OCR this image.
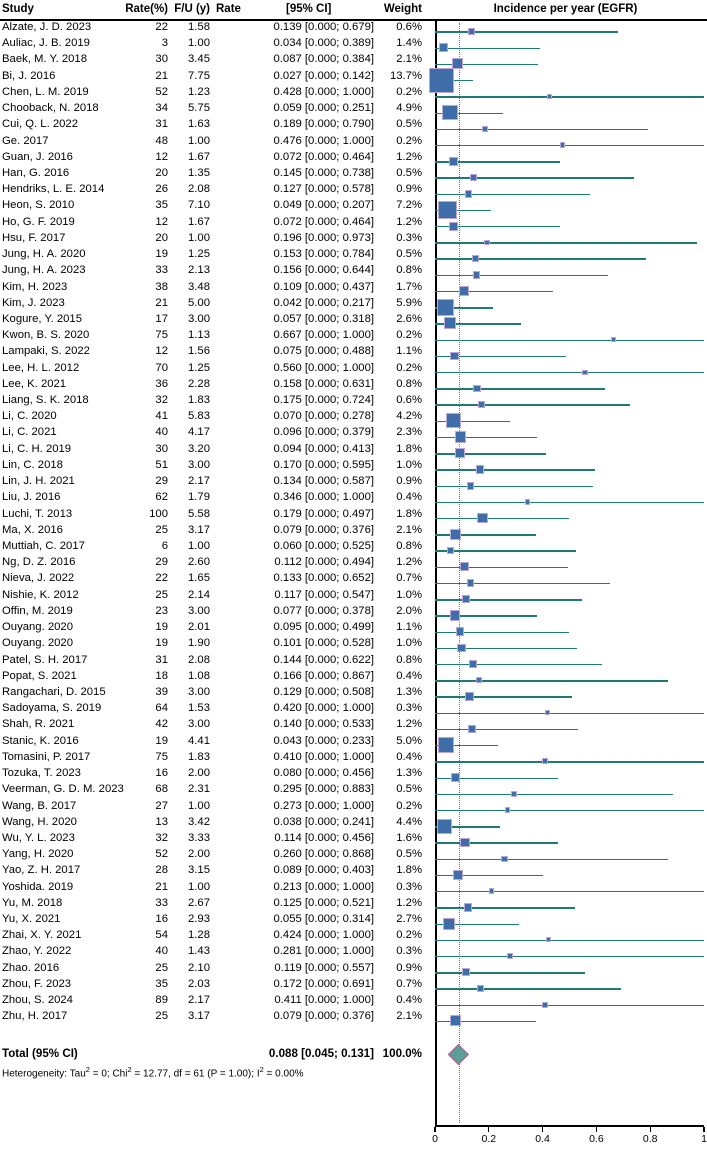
Study	Rate(%) F/U (y) Rate	[95% CI]	Weight
Alzate, J. D. 2023	22	1.58	0.139 [0.000; 0.679]	0.6%
Auliac, J. B. 2019	3	1.00	0.034 [0.000; 0.389]	1.4%
Baek, M. Y. 2018	30	3.45	0.087 [0.000; 0.384]	2.1%
Bi, J. 2016	21	7.75	0.027 [0.000; 0.142]	13.7%
Chen, L. M. 2019	52	1.23	0.428 [0.000; 1.000]	0.2%
Chooback, N. 2018	34	5.75	0.059 [0.000; 0.251]	4.9%
Cui, Q. L. 2022	31	1.63	0.189 [0.000; 0.790]	0.5%
Ge. 2017	48	1.00	0.476 [0.000; 1.000]	0.2%
Guan, J. 2016	12	1.67	0.072 [0.000; 0.464]	1.2%
Han, G. 2016	20	1.35	0.145 [0.000; 0.738]	0.5%
Hendriks, L. E. 2014	26	2.08	0.127 [0.000; 0.578]	0.9%
Heon, S. 2010	35	7.10	0.049 [0.000; 0.207]	7.2%
Ho, G. F. 2019	12	1.67	0.072 [0.000; 0.464]	1.2%
Hsu, F. 2017	20	1.00	0.196 [0.000; 0.973]	0.3%
Jung, H. A. 2020	19	1.25	0.153 [0.000; 0.784]	0.5%
Jung, H. A. 2023	33	2.13	0.156 [0.000; 0.644]	0.8%
Kim, H. 2023	38	3.48	0.109 [0.000; 0.437]	1.7%
Kim, J. 2023	21	5.00	0.042 [0.000; 0.217]	5.9%
Kogure, Y. 2015	17	3.00	0.057 [0.000; 0.318]	2.6%
Kwon, B. S. 2020	75	1.13	0.667 [0.000; 1.000]	0.2%
Lampaki, S. 2022	12	1.56	0.075 [0.000; 0.488]	1.1%
Lee, H. L. 2012	70	1.25	0.560 [0.000; 1.000]	0.2%
Lee, K. 2021	36	2.28	0.158 [0.000; 0.631]	0.8%
Liang, S. K. 2018	32	1.83	0.175 [0.000; 0.724]	0.6%
Li, C. 2020	41	5.83	0.070 [0.000; 0.278]	4.2%
Li, C. 2021	40	4.17	0.096 [0.000; 0.379]	2.3%
Li, C. H. 2019	30	3.20	0.094 [0.000; 0.413]	1.8%
Lin, C. 2018	51	3.00	0.170 [0.000; 0.595]	1.0%
Lin, J. H. 2021	29	2.17	0.134 [0.000; 0.587]	0.9%
Liu, J. 2016	62	1.79	0.346 [0.000; 1.000]	0.4%
Luchi, T. 2013	100	5.58	0.179 [0.000; 0.497]	1.8%
Ma, X. 2016	25	3.17	0.079 [0.000; 0.376]	2.1%
Muttiah, C. 2017	6	1.00	0.060 [0.000; 0.525]	0.8%
Ng, D. Z. 2016	29	2.60	0.112 [0.000; 0.494]	1.2%
Nieva, J. 2022	22	1.65	0.133 [0.000; 0.652]	0.7%
Nishie, K. 2012	25	2.14	0.117 [0.000; 0.547]	1.0%
Offin, M. 2019	23	3.00	0.077 [0.000; 0.378]	2.0%
Ouyang. 2020	19	2.01	0.095 [0.000; 0.499]	1.1%
Ouyang. 2020	19	1.90	0.101 [0.000; 0.528]	1.0%
Patel, S. H. 2017	31	2.08	0.144 [0.000; 0.622]	0.8%
Popat, S. 2021	18	1.08	0.166 [0.000; 0.867]	0.4%
Rangachari, D. 2015	39	3.00	0.129 [0.000; 0.508]	1.3%
Sadoyama, S. 2019	64	1.53	0.420 [0.000; 1.000]	0.3%
Shah, R. 2021	42	3.00	0.140 [0.000; 0.533]	1.2%
Stanic, K. 2016	19	4.41	0.043 [0.000; 0.233]	5.0%
Tomasini, P. 2017	75	1.83	0.410 [0.000; 1.000]	0.4%
Tozuka, T. 2023	16	2.00	0.080 [0.000; 0.456]	1.3%
Veerman, G. D. M. 2023	68	2.31	0.295 [0.000; 0.883]	0.5%
Wang, B. 2017	27	1.00	0.273 [0.000; 1.000]	0.2%
Wang, H. 2020	13	3.42	0.038 [0.000; 0.241]	4.4%
Wu, Y. L. 2023	32	3.33	0.114 [0.000; 0.456]	1.6%
Yang, H. 2020	52	2.00	0.260 [0.000; 0.868]	0.5%
Yao, Z. H. 2017	28	3.15	0.089 [0.000; 0.403]	1.8%
Yoshida. 2019	21	1.00	0.213 [0.000; 1.000]	0.3%
Yu, M. 2018	33	2.67	0.125 [0.000; 0.521]	1.2%
Yu, X. 2021	16	2.93	0.055 [0.000; 0.314]	2.7%
Zhai, X. Y. 2021	54	1.28	0.424 [0.000; 1.000]	0.2%
Zhao, Y. 2022	40	1.43	0.281 [0.000; 1.000]	0.3%
Zhao. 2016	25	2.10	0.119 [0.000; 0.557]	0.9%
Zhou, F. 2023	35	2.03	0.172 [0.000; 0.691]	0.7%
Zhou, S. 2024	89	2.17	0.411 [0.000; 1.000]	0.4%
Zhu, H. 2017	25	3.17	0.079 [0.000; 0.376]	2.1%
Total (95% CI)	0.088 [0.045; 0.131] 100.0%
Heterogeneity: Tau$^2$ = 0; Chi$^2$ = 12.77, df = 61 (P = 1.00); $I^2 = 0.00\%$
Incidence per year (EGFR)
0	0.2	0.4	0.6	0.8	1
